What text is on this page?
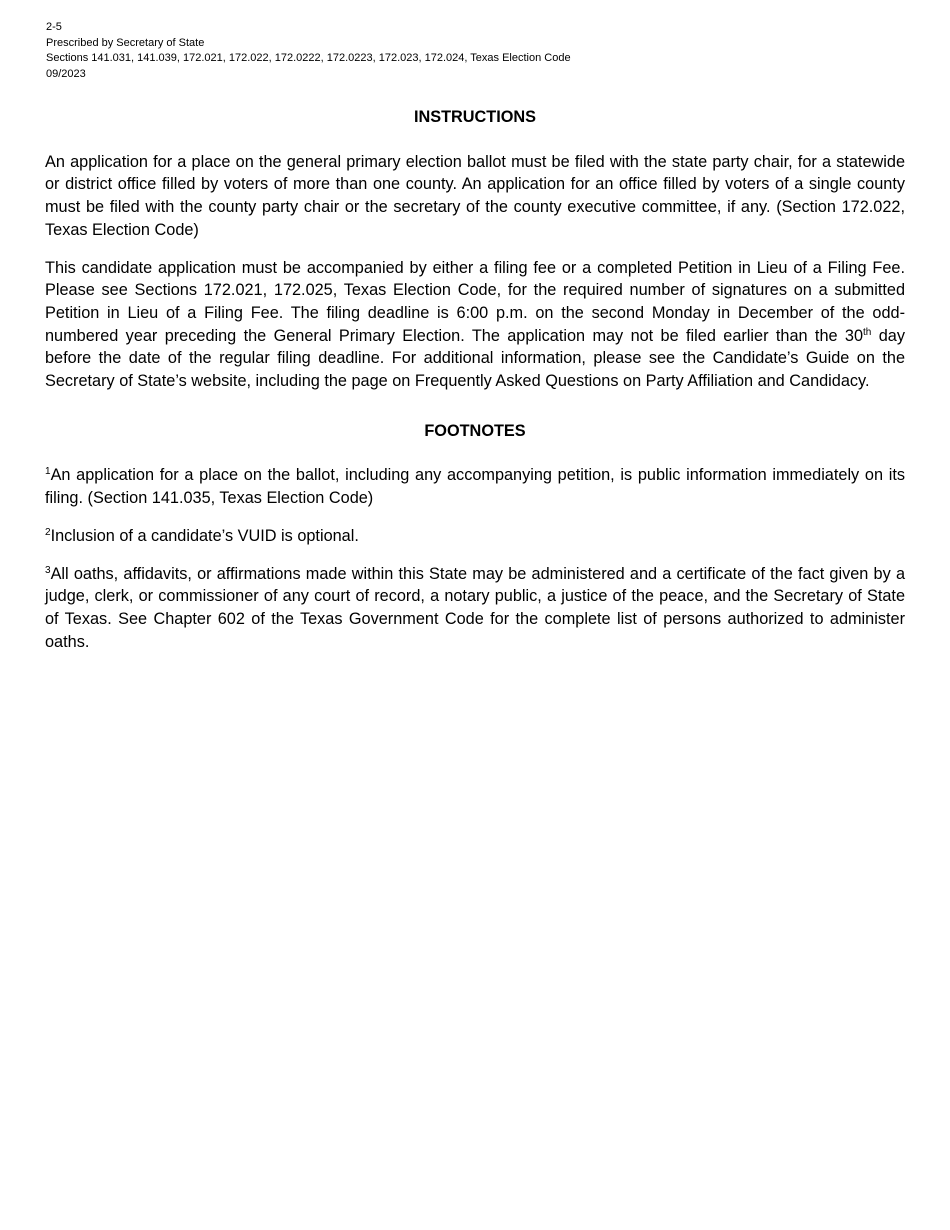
2-5
Prescribed by Secretary of State
Sections 141.031, 141.039, 172.021, 172.022, 172.0222, 172.0223, 172.023, 172.024, Texas Election Code
09/2023
INSTRUCTIONS

An application for a place on the general primary election ballot must be filed with the state party chair, for a statewide or district office filled by voters of more than one county. An application for an office filled by voters of a single county must be filed with the county party chair or the secretary of the county executive committee, if any. (Section 172.022, Texas Election Code)

This candidate application must be accompanied by either a filing fee or a completed Petition in Lieu of a Filing Fee. Please see Sections 172.021, 172.025, Texas Election Code, for the required number of signatures on a submitted Petition in Lieu of a Filing Fee. The filing deadline is 6:00 p.m. on the second Monday in December of the odd-numbered year preceding the General Primary Election. The application may not be filed earlier than the 30th day before the date of the regular filing deadline. For additional information, please see the Candidate’s Guide on the Secretary of State’s website, including the page on Frequently Asked Questions on Party Affiliation and Candidacy.

FOOTNOTES

$^1$An application for a place on the ballot, including any accompanying petition, is public information immediately on its filing. (Section 141.035, Texas Election Code)

$^2$Inclusion of a candidate’s VUID is optional.

$^3$All oaths, affidavits, or affirmations made within this State may be administered and a certificate of the fact given by a judge, clerk, or commissioner of any court of record, a notary public, a justice of the peace, and the Secretary of State of Texas. See Chapter 602 of the Texas Government Code for the complete list of persons authorized to administer oaths.
